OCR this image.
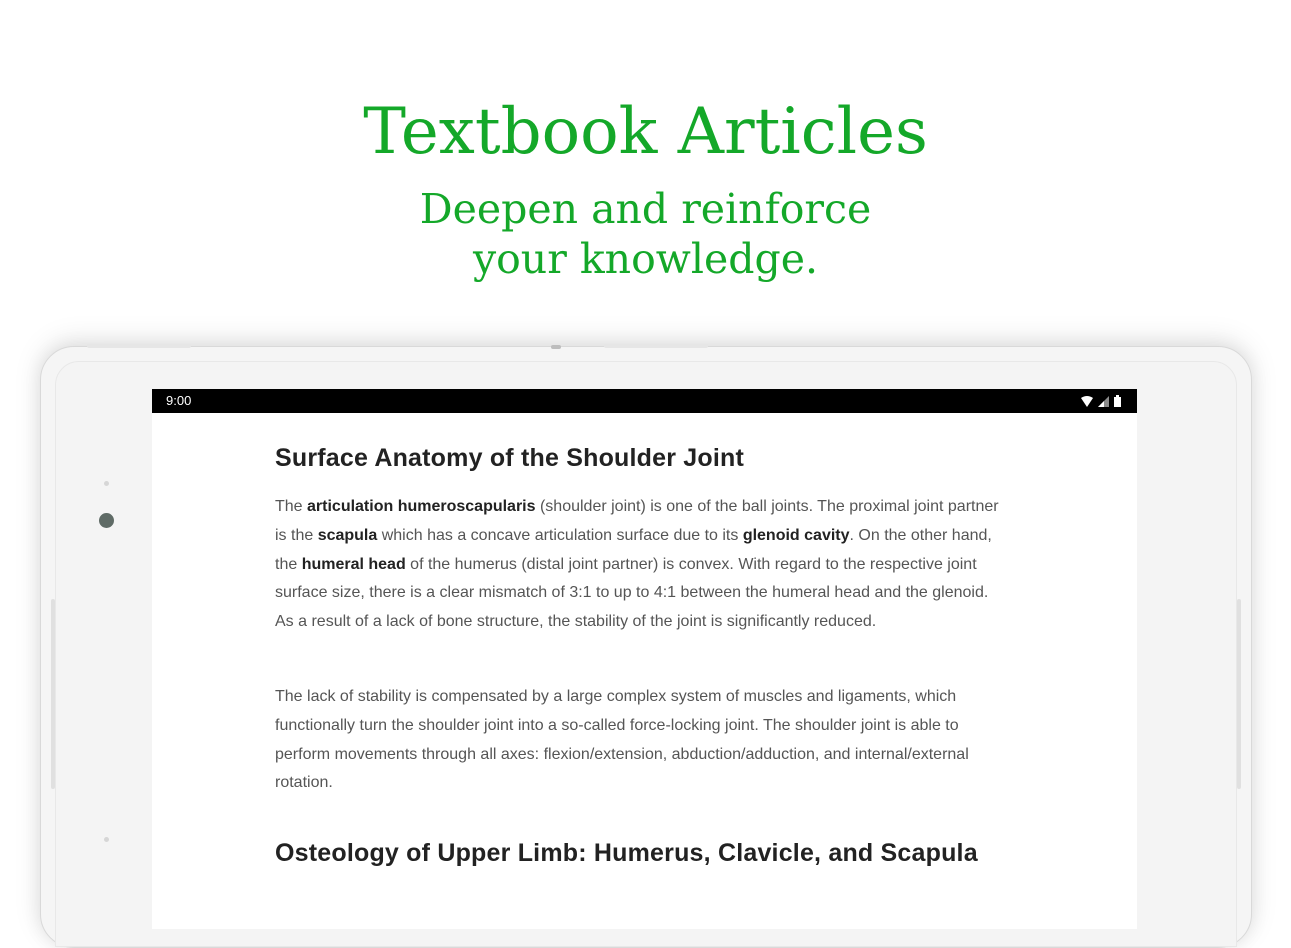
Textbook Articles
Deepen and reinforce
your knowledge.
9:00
Surface Anatomy of the Shoulder Joint

The articulation humeroscapularis (shoulder joint) is one of the ball joints. The proximal joint partner is the scapula which has a concave articulation surface due to its glenoid cavity. On the other hand, the humeral head of the humerus (distal joint partner) is convex. With regard to the respective joint surface size, there is a clear mismatch of 3:1 to up to 4:1 between the humeral head and the glenoid. As a result of a lack of bone structure, the stability of the joint is significantly reduced.

The lack of stability is compensated by a large complex system of muscles and ligaments, which functionally turn the shoulder joint into a so-called force-locking joint. The shoulder joint is able to perform movements through all axes: flexion/extension, abduction/adduction, and internal/external rotation.

Osteology of Upper Limb: Humerus, Clavicle, and Scapula
